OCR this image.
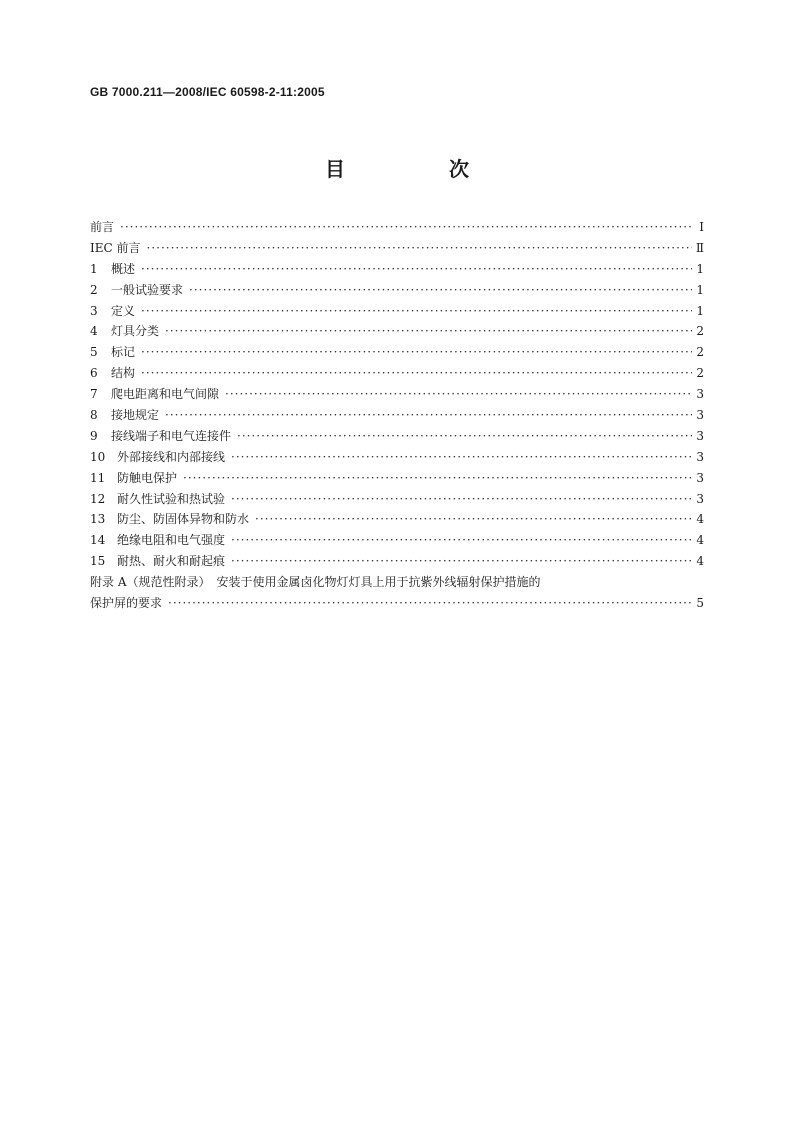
GB 7000.211—2008/IEC 60598-2-11:2005
目　次
前言 ·····	Ⅰ
IEC 前言 ·····	Ⅱ
1	概述 ·····	1
2	一般试验要求 ·····	1
3	定义 ·····	1
4	灯具分类 ·····	2
5	标记 ·····	2
6	结构 ·····	2
7	爬电距离和电气间隙 ·····	3
8	接地规定 ·····	3
9	接线端子和电气连接件 ·····	3
10 外部接线和内部接线 ·····	3
11 防触电保护 ·····	3
12 耐久性试验和热试验 ·····	3
13 防尘、防固体异物和防水 ·····	4
14 绝缘电阻和电气强度 ·····	4
15 耐热、耐火和耐起痕 ·····	4
附录 A（规范性附录）　安装于使用金属卤化物灯灯具上用于抗紫外线辐射保护措施的
保护屏的要求 ·····	5
